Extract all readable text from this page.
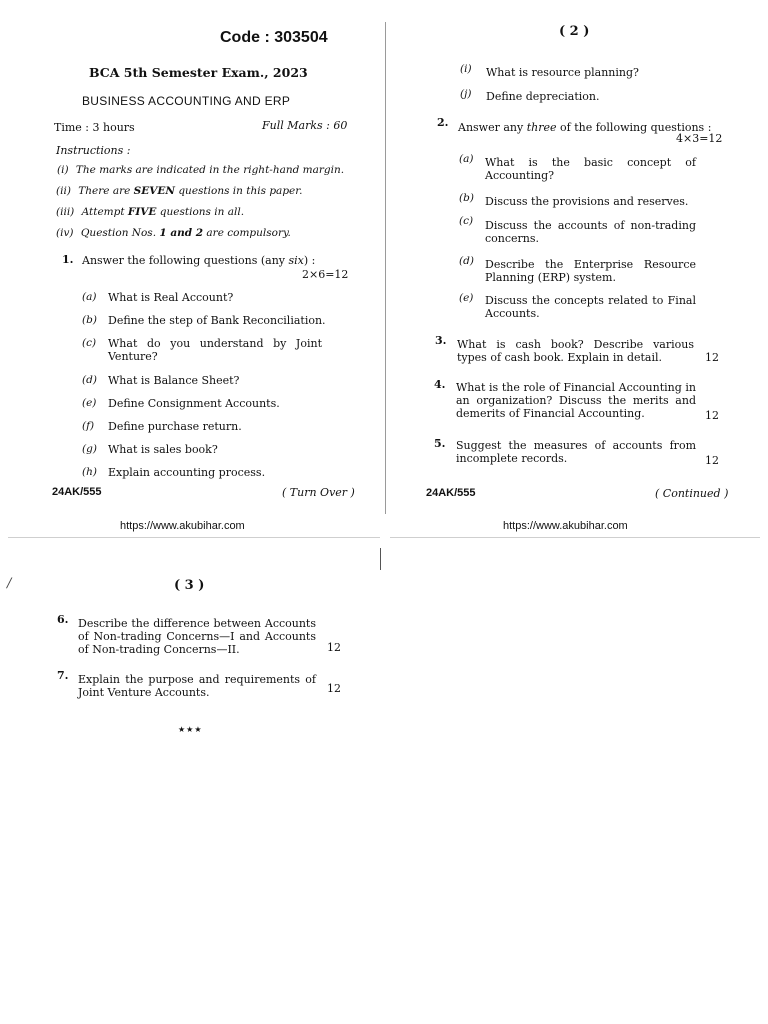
Code : 303504
BCA 5th Semester Exam., 2023
BUSINESS ACCOUNTING AND ERP
Time : 3 hours	Full Marks : 60
Instructions :
(i) The marks are indicated in the right-hand margin.
(ii) There are SEVEN questions in this paper.
(iii) Attempt FIVE questions in all.
(iv) Question Nos. 1 and 2 are compulsory.
1. Answer the following questions (any six) :
2×6=12
(a) What is Real Account?
(b) Define the step of Bank Reconciliation.
(c) What do you understand by Joint Venture?
(d) What is Balance Sheet?
(e) Define Consignment Accounts.
(f) Define purchase return.
(g) What is sales book?
(h) Explain accounting process.
24AK/555	( Turn Over )
https://www.akubihar.com
/
( 2 )
(i) What is resource planning?
(j) Define depreciation.
2. Answer any three of the following questions :
4×3=12
(a) What is the basic concept of Accounting?
(b) Discuss the provisions and reserves.
(c) Discuss the accounts of non-trading concerns.
(d) Describe the Enterprise Resource Planning (ERP) system.
(e) Discuss the concepts related to Final Accounts.
3. What is cash book? Describe various types of cash book. Explain in detail.	12
4. What is the role of Financial Accounting in an organization? Discuss the merits and demerits of Financial Accounting.	12
5. Suggest the measures of accounts from incomplete records.	12
24AK/555	( Continued )
https://www.akubihar.com
( 3 )
6. Describe the difference between Accounts of Non-trading Concerns—I and Accounts of Non-trading Concerns—II.	12
7. Explain the purpose and requirements of Joint Venture Accounts.	12
★★★
